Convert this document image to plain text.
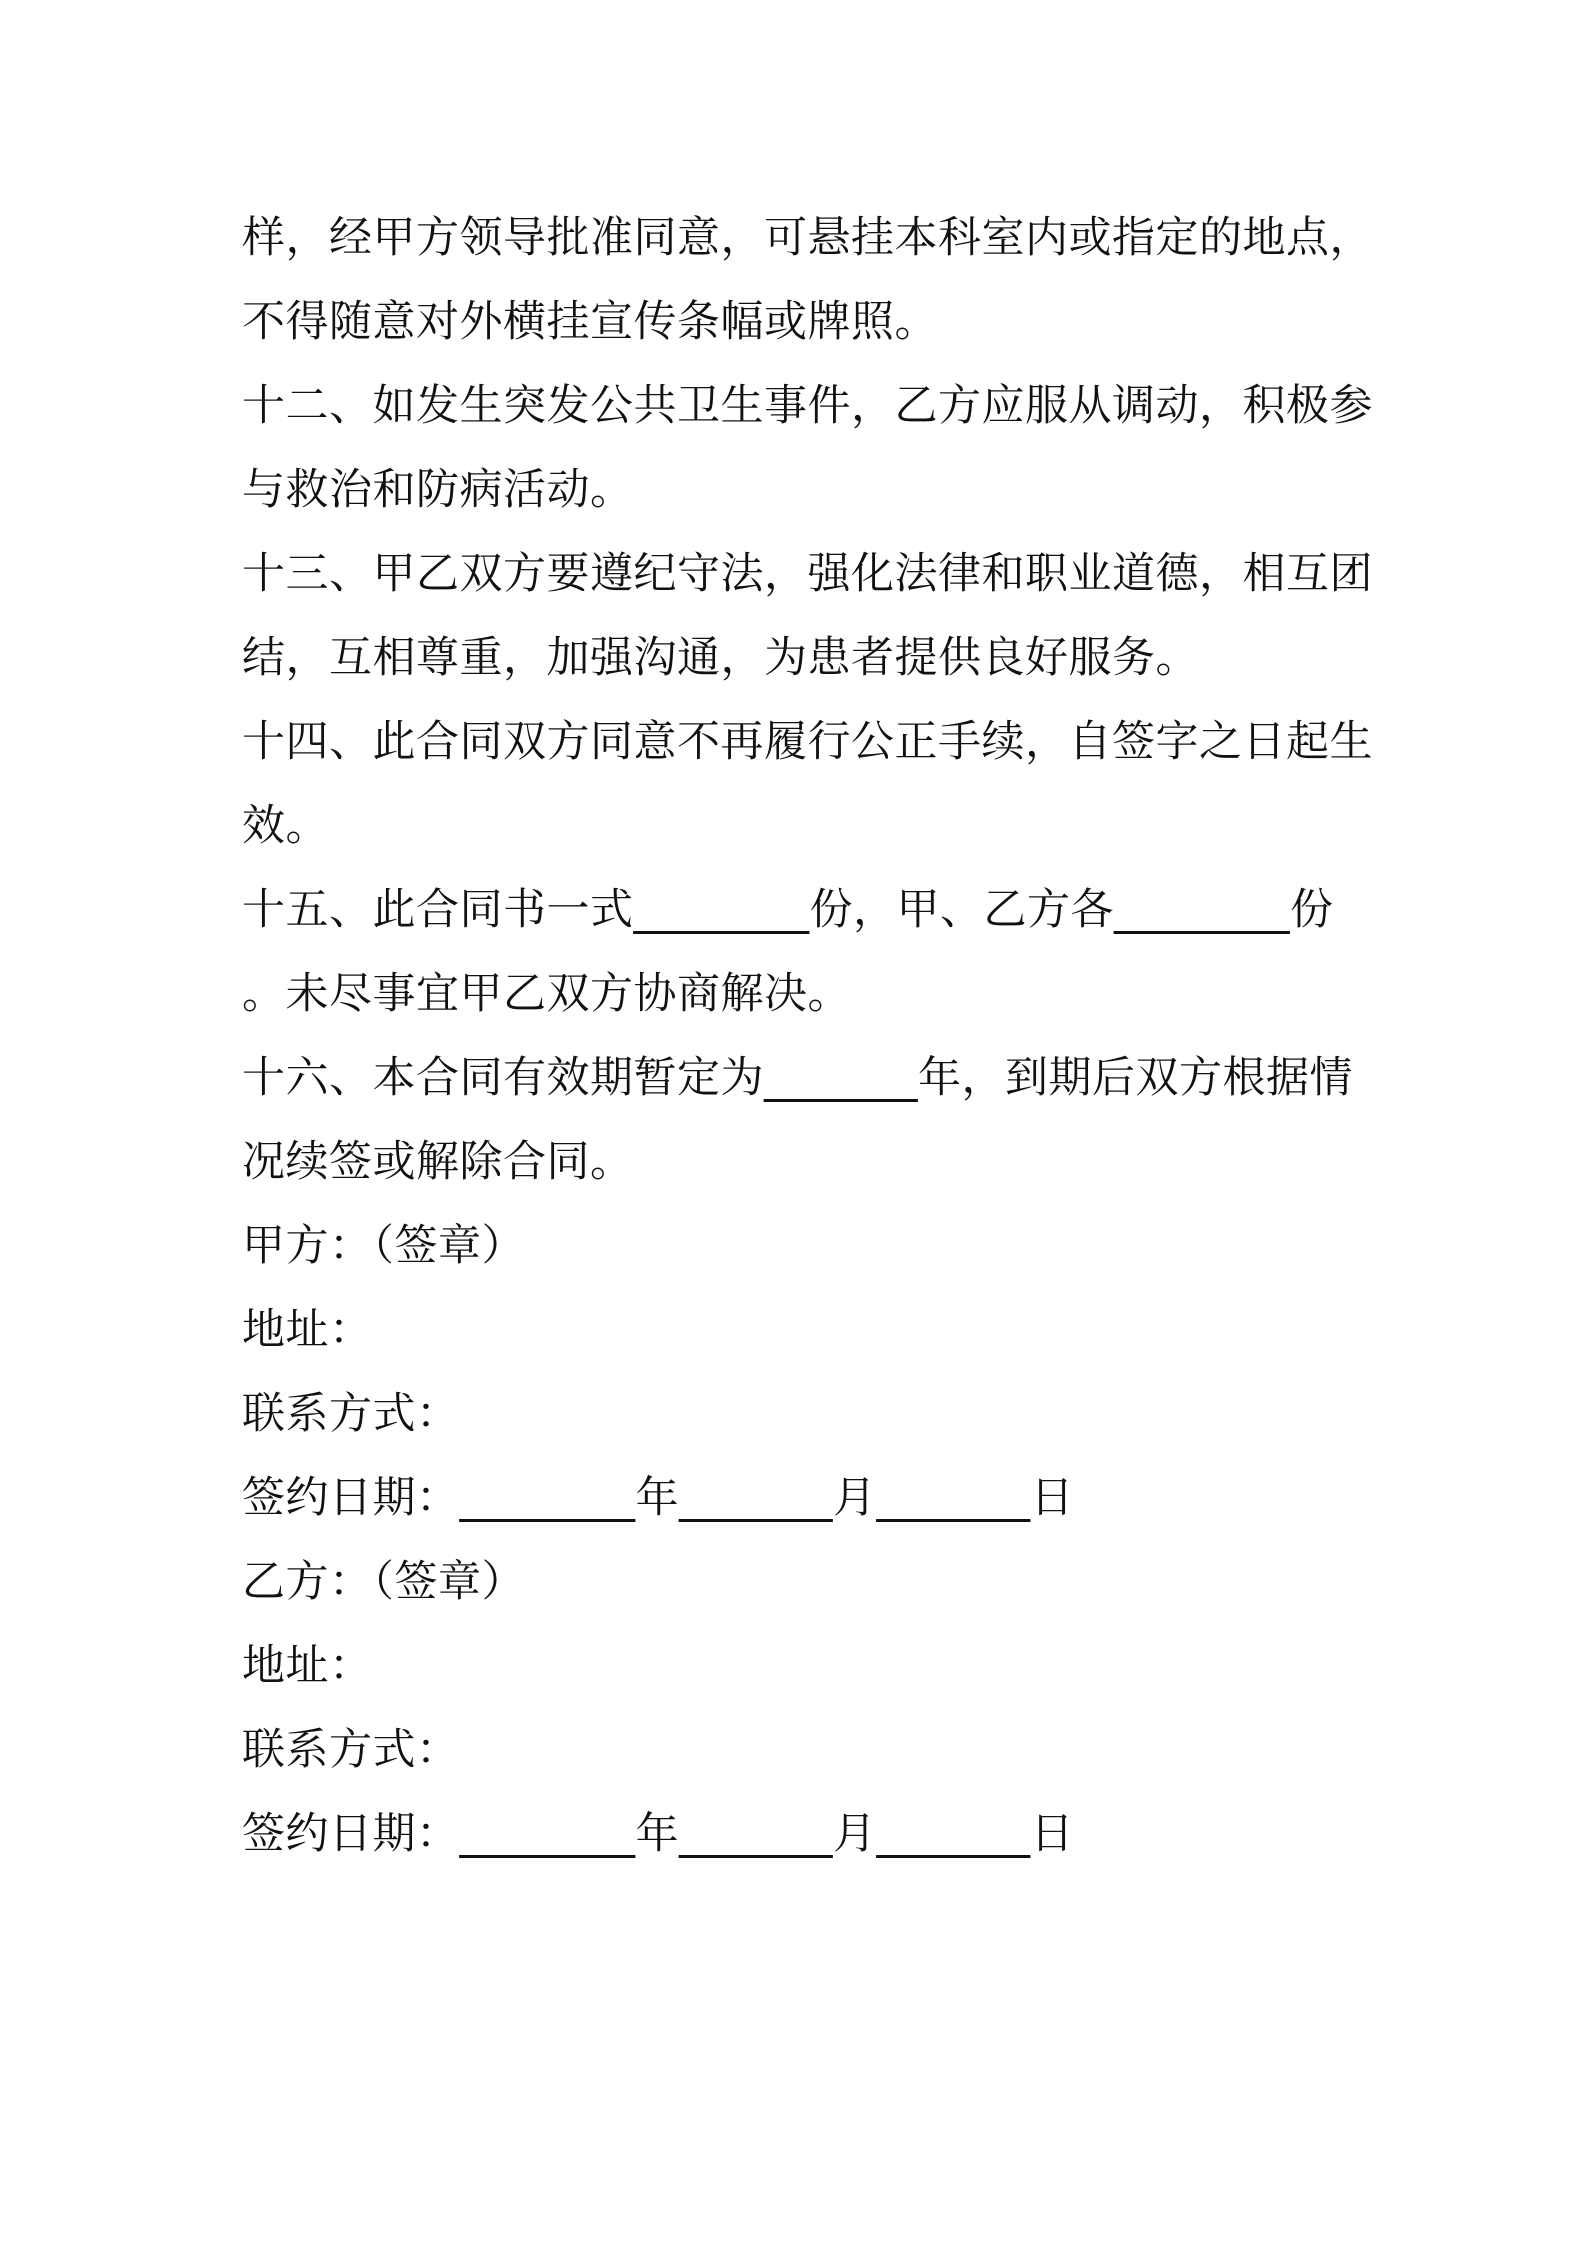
样，经甲方领导批准同意，可悬挂本科室内或指定的地点，
不得随意对外横挂宣传条幅或牌照。
十二、如发生突发公共卫生事件，乙方应服从调动，积极参
与救治和防病活动。
十三、甲乙双方要遵纪守法，强化法律和职业道德，相互团
结，互相尊重，加强沟通，为患者提供良好服务。
十四、此合同双方同意不再履行公正手续，自签字之日起生
效。
十五、此合同书一式________份，甲、乙方各________份
。未尽事宜甲乙双方协商解决。
十六、本合同有效期暂定为_______年，到期后双方根据情
况续签或解除合同。
甲方：（签章）
地址：
联系方式：
签约日期：________年_______月_______日
乙方：（签章）
地址：
联系方式：
签约日期：________年_______月_______日
